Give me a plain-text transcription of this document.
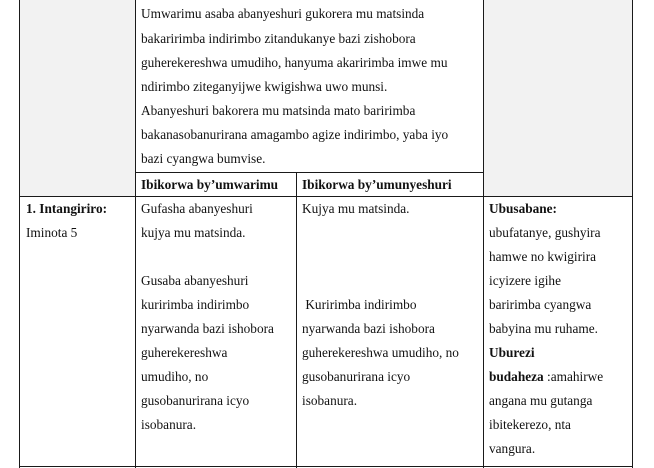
Umwarimu asaba abanyeshuri gukorera mu matsinda
bakaririmba indirimbo zitandukanye bazi zishobora
guherekereshwa umudiho, hanyuma akaririmba imwe mu
ndirimbo ziteganyijwe kwigishwa uwo munsi.
Abanyeshuri bakorera mu matsinda mato baririmba
bakanasobanurirana amagambo agize indirimbo, yaba iyo
bazi cyangwa bumvise.
Ibikorwa by’umwarimu Ibikorwa by’umunyeshuri
1. Intangiriro:
Iminota 5
Gufasha abanyeshuri
kujya mu matsinda.
Gusaba abanyeshuri
kuririmba indirimbo
nyarwanda bazi ishobora
guherekereshwa
umudiho, no
gusobanurirana icyo
isobanura.
Kujya mu matsinda.
Kuririmba indirimbo
nyarwanda bazi ishobora
guherekereshwa umudiho, no
gusobanurirana icyo
isobanura.
Ubusabane:
ubufatanye, gushyira
hamwe no kwigirira
icyizere igihe
baririmba cyangwa
babyina mu ruhame.
Uburezi
budaheza :amahirwe
angana mu gutanga
ibitekerezo, nta
vangura.
